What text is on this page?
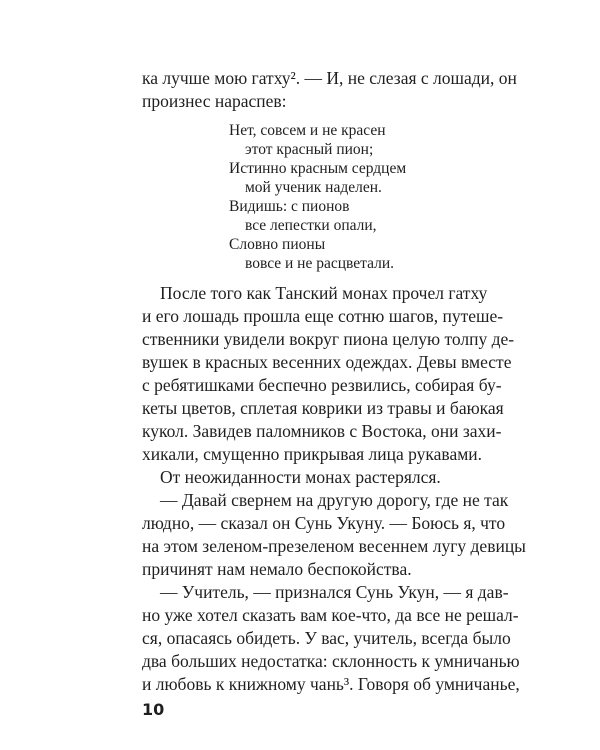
ка лучше мою гатху². — И, не слезая с лошади, он
произнес нараспев:
Нет, совсем и не красен
этот красный пион;
Истинно красным сердцем
мой ученик наделен.
Видишь: с пионов
все лепестки опали,
Словно пионы
вовсе и не расцветали.
После того как Танский монах прочел гатху
и его лошадь прошла еще сотню шагов, путеше-
ственники увидели вокруг пиона целую толпу де-
вушек в красных весенних одеждах. Девы вместе
с ребятишками беспечно резвились, собирая бу-
кеты цветов, сплетая коврики из травы и баюкая
кукол. Завидев паломников с Востока, они захи-
хикали, смущенно прикрывая лица рукавами.
От неожиданности монах растерялся.
— Давай свернем на другую дорогу, где не так
людно, — сказал он Сунь Укуну. — Боюсь я, что
на этом зеленом-презеленом весеннем лугу девицы
причинят нам немало беспокойства.
— Учитель, — признался Сунь Укун, — я дав-
но уже хотел сказать вам кое-что, да все не решал-
ся, опасаясь обидеть. У вас, учитель, всегда было
два больших недостатка: склонность к умничанью
и любовь к книжному чань³. Говоря об умничанье,
10
